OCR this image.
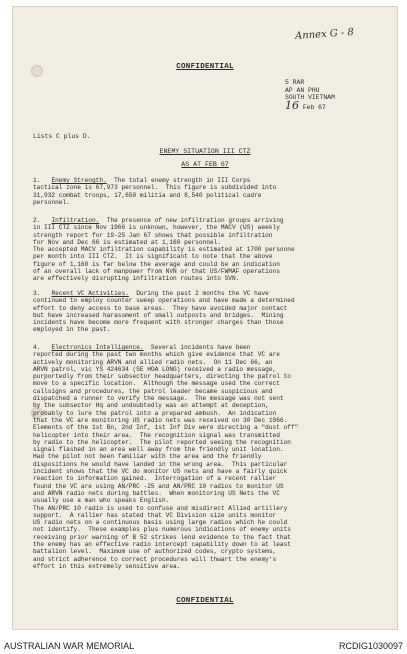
Annex G - 8
CONFIDENTIAL
5 RAR
AP AN PHU
SOUTH VIETNAM
16 Feb 67
Lists C plus D.
ENEMY SITUATION III CTZ
AS AT FEB 67
1. Enemy Strength.  The total enemy strength in III Corps
tactical zone is 67,973 personnel.  This figure is subdivided into
31,932 combat troops, 17,650 militia and 8,540 political cadre
personnel.
2. Infiltration.  The presence of new infiltration groups arriving
in III CTZ since Nov 1966 is unknown, however, the MACV (US) weekly
strength report for 19-25 Jan 67 shows that possible infiltration
for Nov and Dec 66 is estimated at 1,160 personnel.
The accepted MACV infiltration capability is estimated at 1700 personne
per month into III CTZ.  It is significant to note that the above
figure of 1,160 is far below the average and could be an indication
of an overall lack of manpower from NVN or that US/FWMAF operations
are effectively disrupting infiltration routes into SVN.
3. Recent VC Activities.  During the past 2 months the VC have
continued to employ counter sweep operations and have made a determined
effort to deny access to base areas.  They have avoided major contact
but have increased harassment of small outposts and bridges.  Mining
incidents have become more frequent with stronger charges than those
employed in the past.
4. Electronics Intelligence.  Several incidents have been
reported during the past two months which give evidence that VC are
actively monitoring ARVN and allied radio nets.  On 11 Dec 66, an
ARVN patrol, vic YS 424634 (SE HOA LONG) received a radio message,
purportedly from their subsector headquarters, directing the patrol to
move to a specific location.  Although the message used the correct
callsigns and procedures, the patrol leader became suspicious and
dispatched a runner to verify the message.  The message was not sent
by the subsector Hq and undoubtedly was an attempt at deception,
probably to lure the patrol into a prepared ambush.  An indication
that the VC are monitoring US radio nets was received on 30 Dec 1966.
Elements of the 1st Bn, 2nd Inf, 1st Inf Div were directing a "dust off"
helicopter into their area.  The recognition signal was transmitted
by radio to the helicopter.  The pilot reported seeing the recognition
signal flashed in an area well away from the friendly unit location.
Had the pilot not been familiar with the area and the friendly
dispositions he would have landed in the wrong area.  This particular
incident shows that the VC do monitor US nets and have a fairly quick
reaction to information gained.  Interrogation of a recent rallier
found the VC are using AN/PRC -25 and AN/PRC 10 radios to monitor US
and ARVN radio nets during battles.  When monitoring US Nets the VC
usually use a man who speaks English.
The AN/PRC 10 radio is used to confuse and misdirect Allied artillery
support.  A rallier has stated that VC Division size units monitor
US radio nets on a continuous basis using large radios which he could
not identify.  These examples plus numerous indications of enemy units
receiving prior warning of B 52 strikes lend evidence to the fact that
the enemy has an effective radio intercept capability down to at least
battalion level.  Maximum use of authorized codes, crypto systems,
and strict adherence to correct procedures will thwart the enemy's
effort in this extremely sensitive area.
CONFIDENTIAL
AUSTRALIAN WAR MEMORIAL	RCDIG1030097
